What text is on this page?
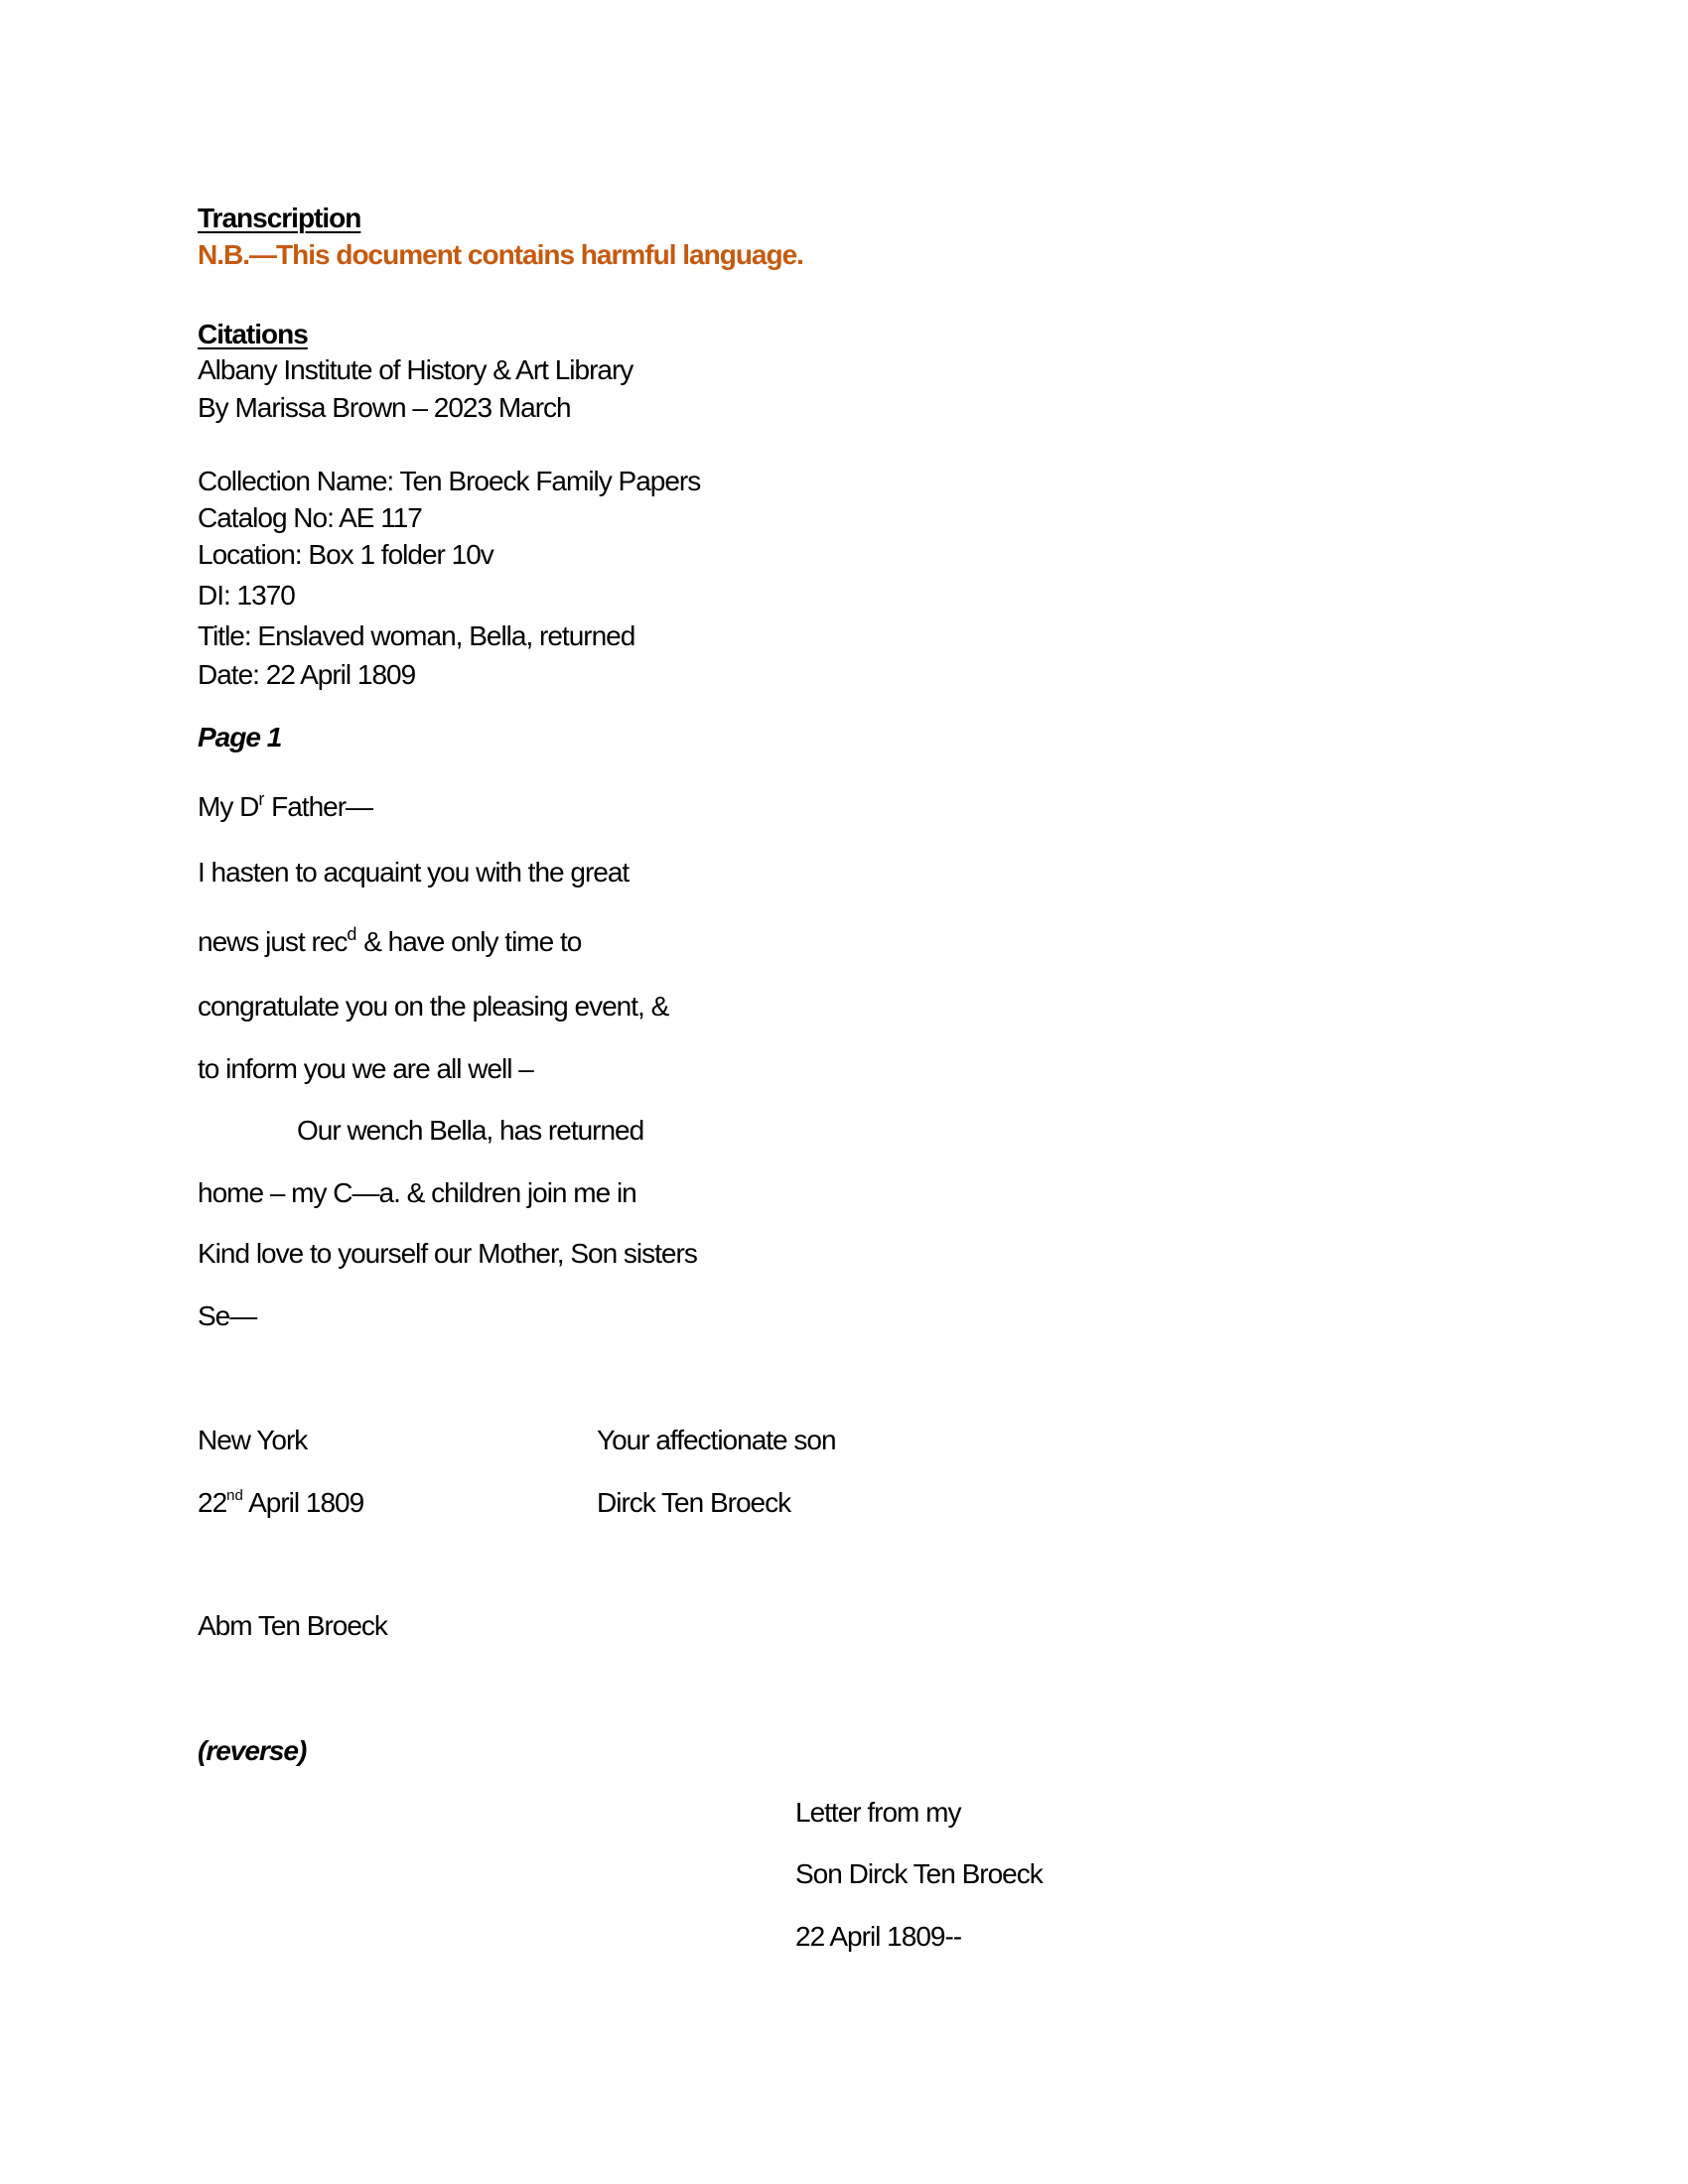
Transcription
N.B.—This document contains harmful language.
Citations
Albany Institute of History & Art Library
By Marissa Brown – 2023 March
Collection Name: Ten Broeck Family Papers
Catalog No: AE 117
Location: Box 1 folder 10v
DI: 1370
Title: Enslaved woman, Bella, returned
Date: 22 April 1809
Page 1
My $D^r$ Father—
I hasten to acquaint you with the great
news just rec$^d$ & have only time to
congratulate you on the pleasing event, &
to inform you we are all well –
Our wench Bella, has returned
home – my C—a. & children join me in
Kind love to yourself our Mother, Son sisters
Se—
New York	Your affectionate son
22nd April 1809	Dirck Ten Broeck
Abm Ten Broeck
(reverse)
Letter from my
Son Dirck Ten Broeck
22 April 1809--
